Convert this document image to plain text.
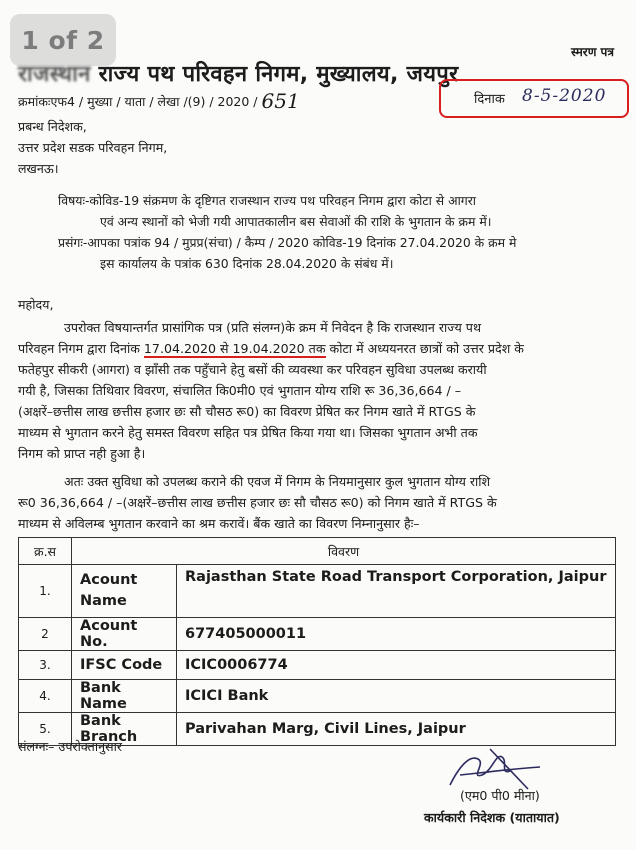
1 of 2	स्मरण पत्र
राजस्थान राज्य पथ परिवहन निगम, मुख्यालय, जयपुर
क्रमांकःएफ4 / मुख्या / याता / लेखा /(9) / 2020 / 651	दिनाक 8-5-2020
प्रबन्ध निदेशक,
उत्तर प्रदेश सडक परिवहन निगम,
लखनऊ।
विषयः-कोविड-19 संक्रमण के दृष्टिगत राजस्थान राज्य पथ परिवहन निगम द्वारा कोटा से आगरा
एवं अन्य स्थानों को भेजी गयी आपातकालीन बस सेवाओं की राशि के भुगतान के क्रम में।
प्रसंगः-आपका पत्रांक 94 / मुप्रप्र(संचा) / कैम्प / 2020 कोविड-19 दिनांक 27.04.2020 के क्रम मे
इस कार्यालय के पत्रांक 630 दिनांक 28.04.2020 के संबंध में।
महोदय,
उपरोक्त विषयान्तर्गत प्रासांगिक पत्र (प्रति संलग्न)के क्रम में निवेदन है कि राजस्थान राज्य पथ
परिवहन निगम द्वारा दिनांक 17.04.2020 से 19.04.2020 तक कोटा में अध्ययनरत छात्रों को उत्तर प्रदेश के
फतेहपुर सीकरी (आगरा) व झाँसी तक पहुँचाने हेतु बसों की व्यवस्था कर परिवहन सुविधा उपलब्ध करायी
गयी है, जिसका तिथिवार विवरण, संचालित कि0मी0 एवं भुगतान योग्य राशि रू 36,36,664 / –
(अक्षरें–छत्तीस लाख छत्तीस हजार छः सौ चौसठ रू0) का विवरण प्रेषित कर निगम खाते में RTGS के
माध्यम से भुगतान करने हेतु समस्त विवरण सहित पत्र प्रेषित किया गया था। जिसका भुगतान अभी तक
निगम को प्राप्त नही हुआ है।
अतः उक्त सुविधा को उपलब्ध कराने की एवज में निगम के नियमानुसार कुल भुगतान योग्य राशि
रू0 36,36,664 / –(अक्षरें–छत्तीस लाख छत्तीस हजार छः सौ चौसठ रू0) को निगम खाते में RTGS के
माध्यम से अविलम्ब भुगतान करवाने का श्रम करावें। बैंक खाते का विवरण निम्नानुसार हैः–
क्र.स	विवरण	
1.	Acount Name	Rajasthan State Road Transport Corporation, Jaipur
2	Acount No.	677405000011
3.	IFSC Code	ICIC0006774
4.	Bank Name	ICICI Bank
5.	Bank Branch	Parivahan Marg, Civil Lines, Jaipur
संलग्नः– उपरोक्तानुसार
(एम0 पी0 मीना)
कार्यकारी निदेशक (यातायात)
